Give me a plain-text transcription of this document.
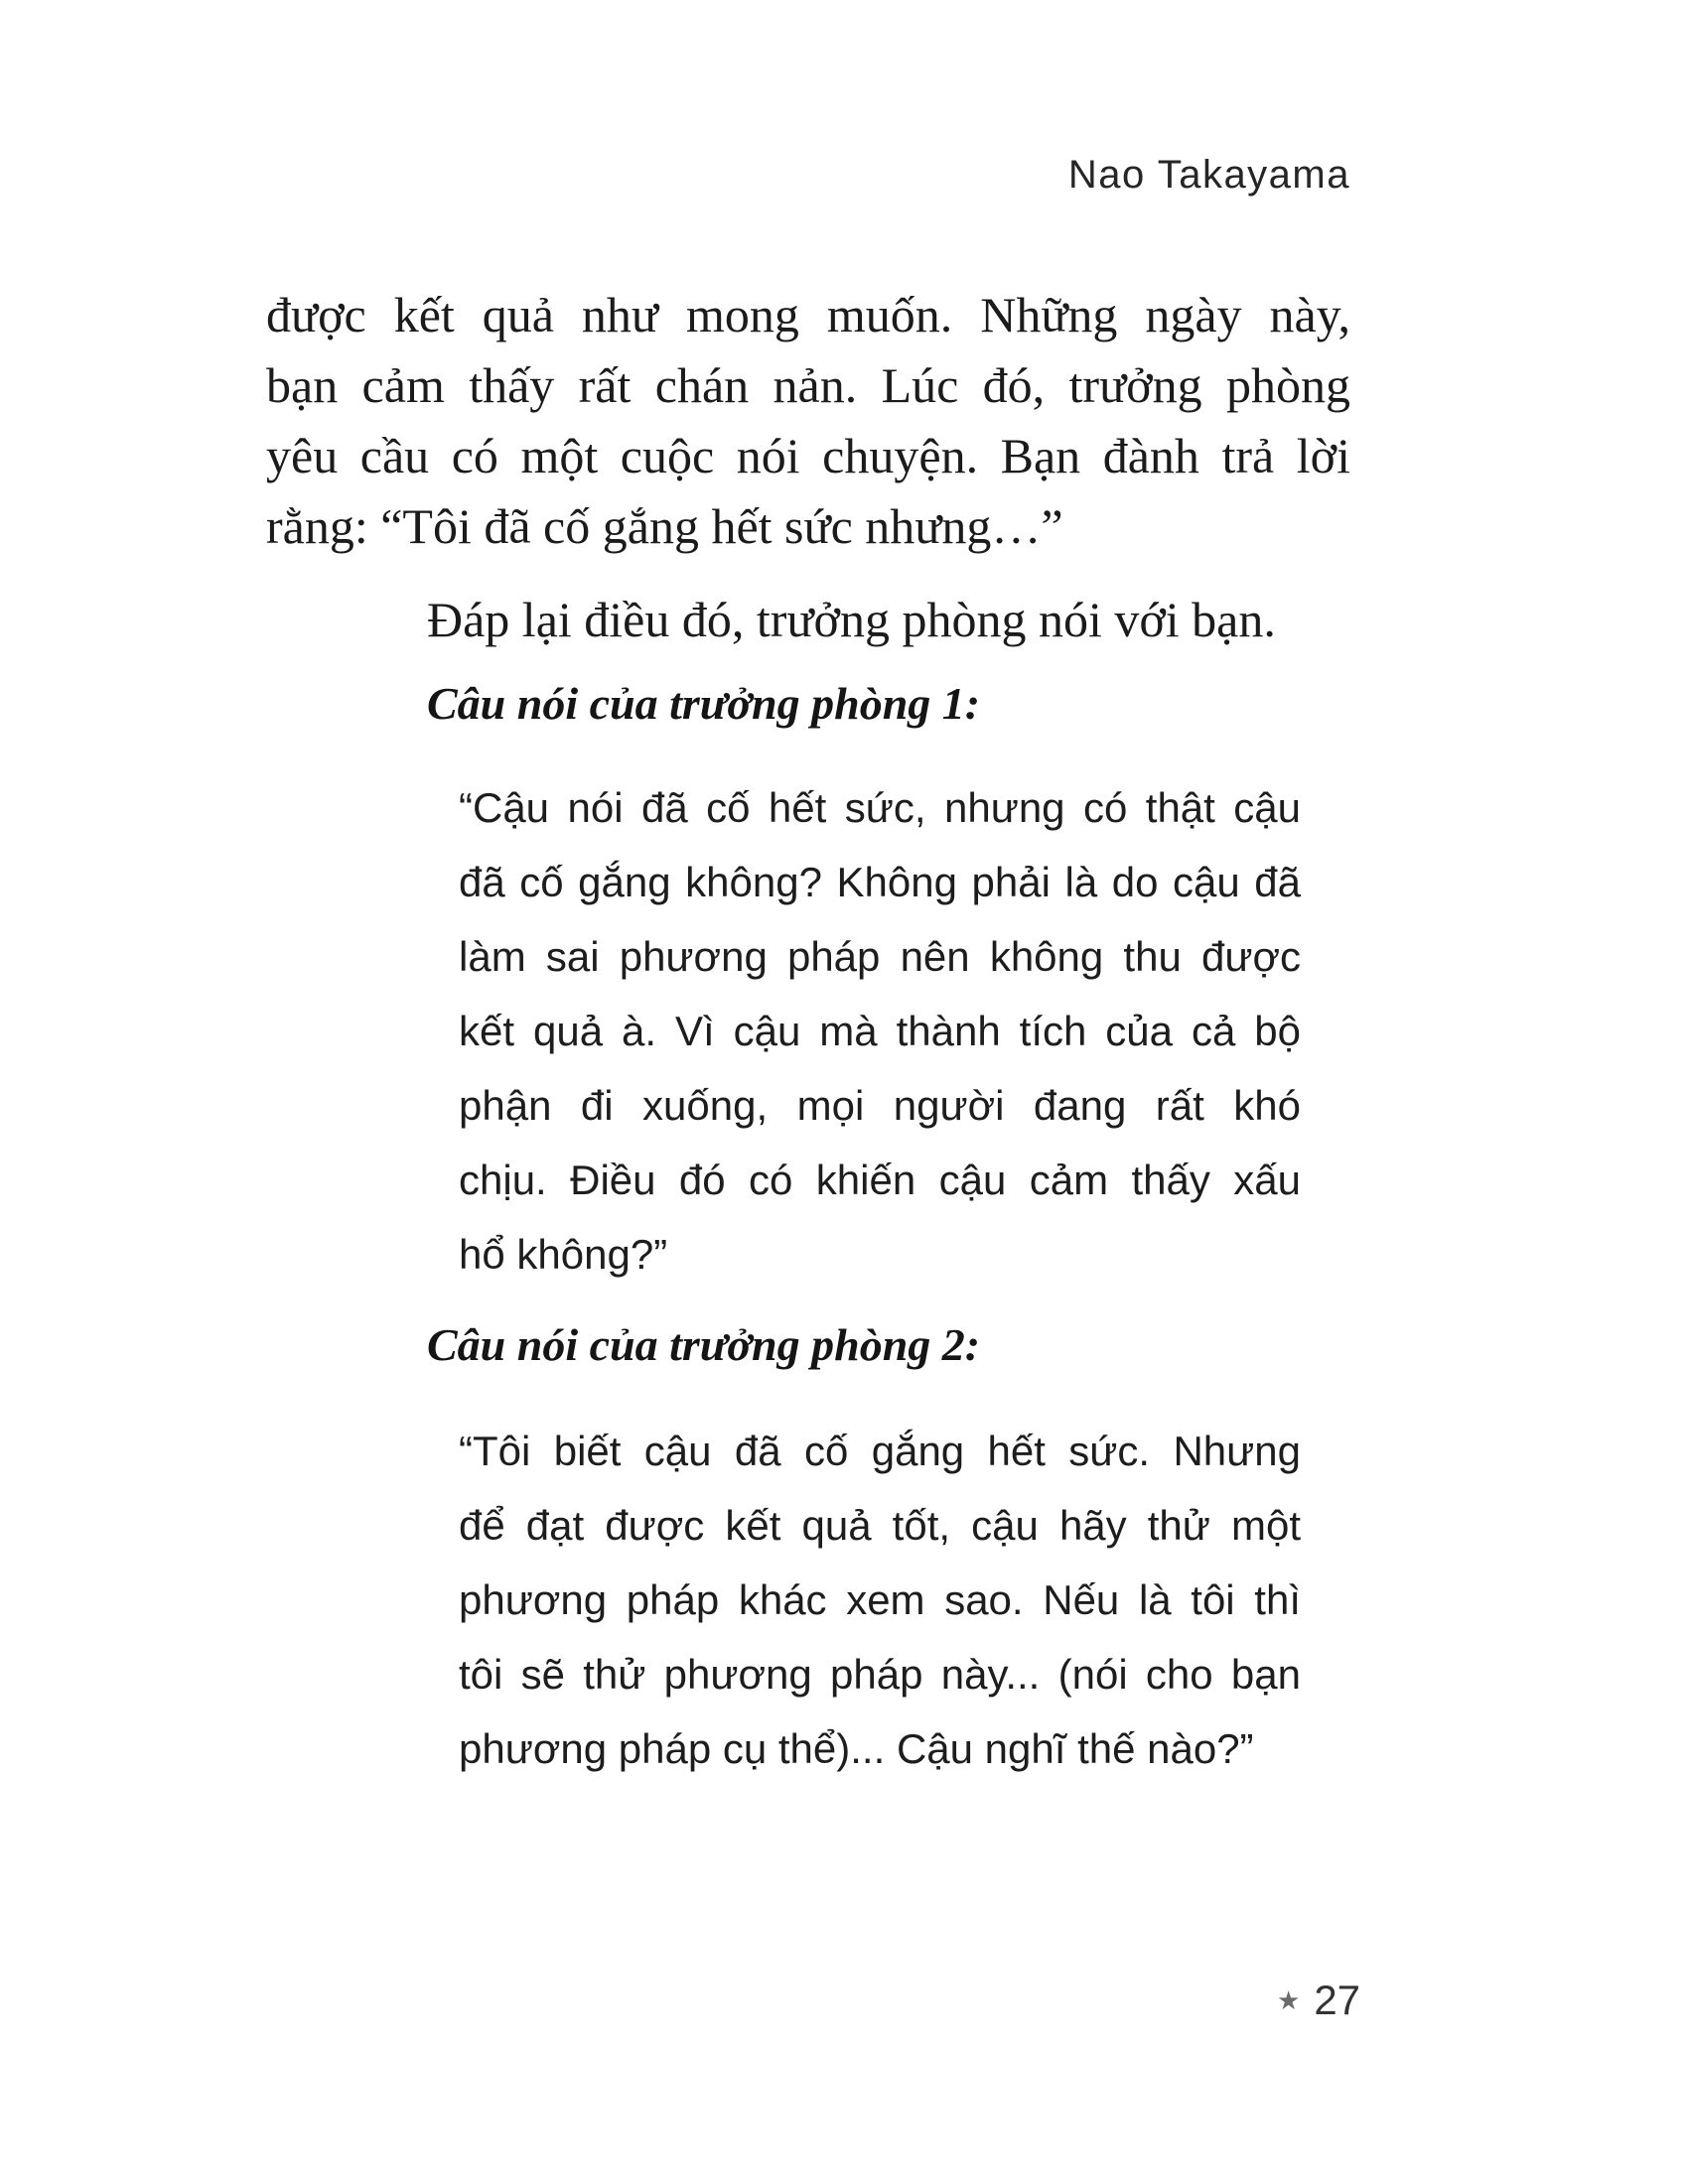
Nao Takayama
được kết quả như mong muốn. Những ngày này,
bạn cảm thấy rất chán nản. Lúc đó, trưởng phòng
yêu cầu có một cuộc nói chuyện. Bạn đành trả lời
rằng: “Tôi đã cố gắng hết sức nhưng…”
Đáp lại điều đó, trưởng phòng nói với bạn.
Câu nói của trưởng phòng 1:
“Cậu nói đã cố hết sức, nhưng có thật cậu
đã cố gắng không? Không phải là do cậu đã
làm sai phương pháp nên không thu được
kết quả à. Vì cậu mà thành tích của cả bộ
phận đi xuống, mọi người đang rất khó
chịu. Điều đó có khiến cậu cảm thấy xấu
hổ không?”
Câu nói của trưởng phòng 2:
“Tôi biết cậu đã cố gắng hết sức. Nhưng
để đạt được kết quả tốt, cậu hãy thử một
phương pháp khác xem sao. Nếu là tôi thì
tôi sẽ thử phương pháp này... (nói cho bạn
phương pháp cụ thể)... Cậu nghĩ thế nào?”
★ 27
